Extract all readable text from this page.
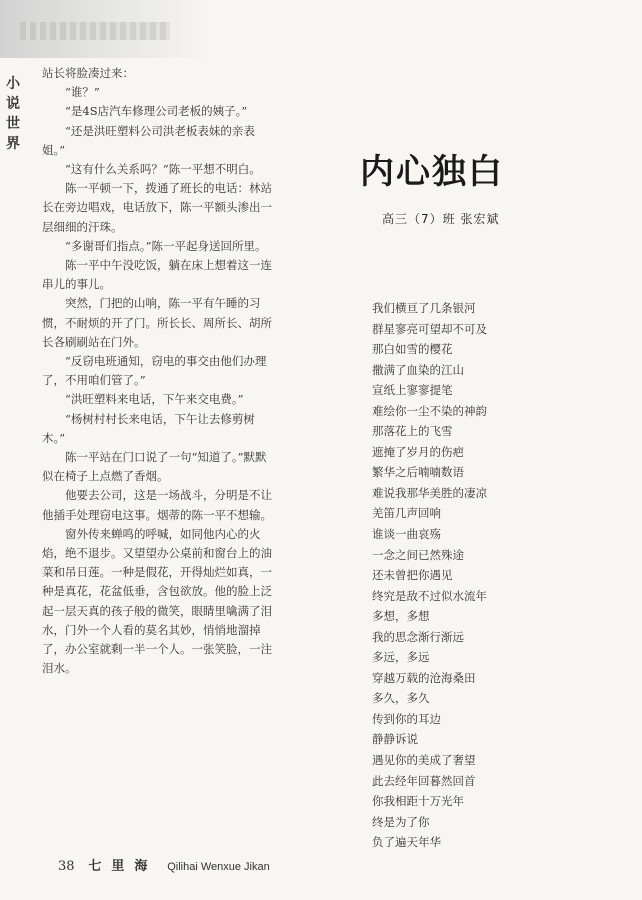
小
说
世
界

站长将脸凑过来：

“谁？”

“是4S店汽车修理公司老板的姨子。”

“还是洪旺塑料公司洪老板表妹的亲表姐。”

“这有什么关系吗？”陈一平想不明白。

陈一平顿一下，拨通了班长的电话：林站长在旁边唱戏，电话放下，陈一平额头渗出一层细细的汗珠。

“多谢哥们指点。”陈一平起身送回所里。

陈一平中午没吃饭，躺在床上想着这一连串儿的事儿。

突然，门把的山响，陈一平有午睡的习惯，不耐烦的开了门。所长长、周所长、胡所长各刷刷站在门外。

“反窃电班通知，窃电的事交由他们办理了，不用咱们管了。”

“洪旺塑料来电话，下午来交电费。”

“杨树村村长来电话，下午让去修剪树木。”

陈一平站在门口说了一句“知道了。”默默似在椅子上点燃了香烟。

他要去公司，这是一场战斗，分明是不让他插手处理窃电这事。烟蒂的陈一平不想输。

窗外传来蝉鸣的呼喊，如同他内心的火焰，绝不退步。又望望办公桌前和窗台上的油菜和吊日莲。一种是假花，开得灿烂如真，一种是真花，花盆低垂，含包欲放。他的脸上泛起一层天真的孩子般的微笑，眼睛里噙满了泪水，门外一个人看的莫名其妙，悄悄地溜掉了，办公室就剩一半一个人。一张笑脸，一注泪水。

内心独白
高三（7）班 张宏斌
我们横亘了几条银河
群星寥亮可望却不可及
那白如雪的樱花
撒满了血染的江山
宣纸上寥寥提笔
难绘你一尘不染的神韵
那落花上的飞雪
遮掩了岁月的伤疤
繁华之后喃喃数语
难说我那华美胜的凄凉
羌笛几声回响
谁谈一曲哀殇
一念之间已然殊途
还未曾把你遇见
终究是敌不过似水流年
多想，多想
我的思念渐行渐远
多远，多远
穿越万载的沧海桑田
多久，多久
传到你的耳边
静静诉说
遇见你的美成了奢望
此去经年回暮然回首
你我相距十万光年
终是为了你
负了遍天年华
38 七里海 Qilihai Wenxue Jikan
